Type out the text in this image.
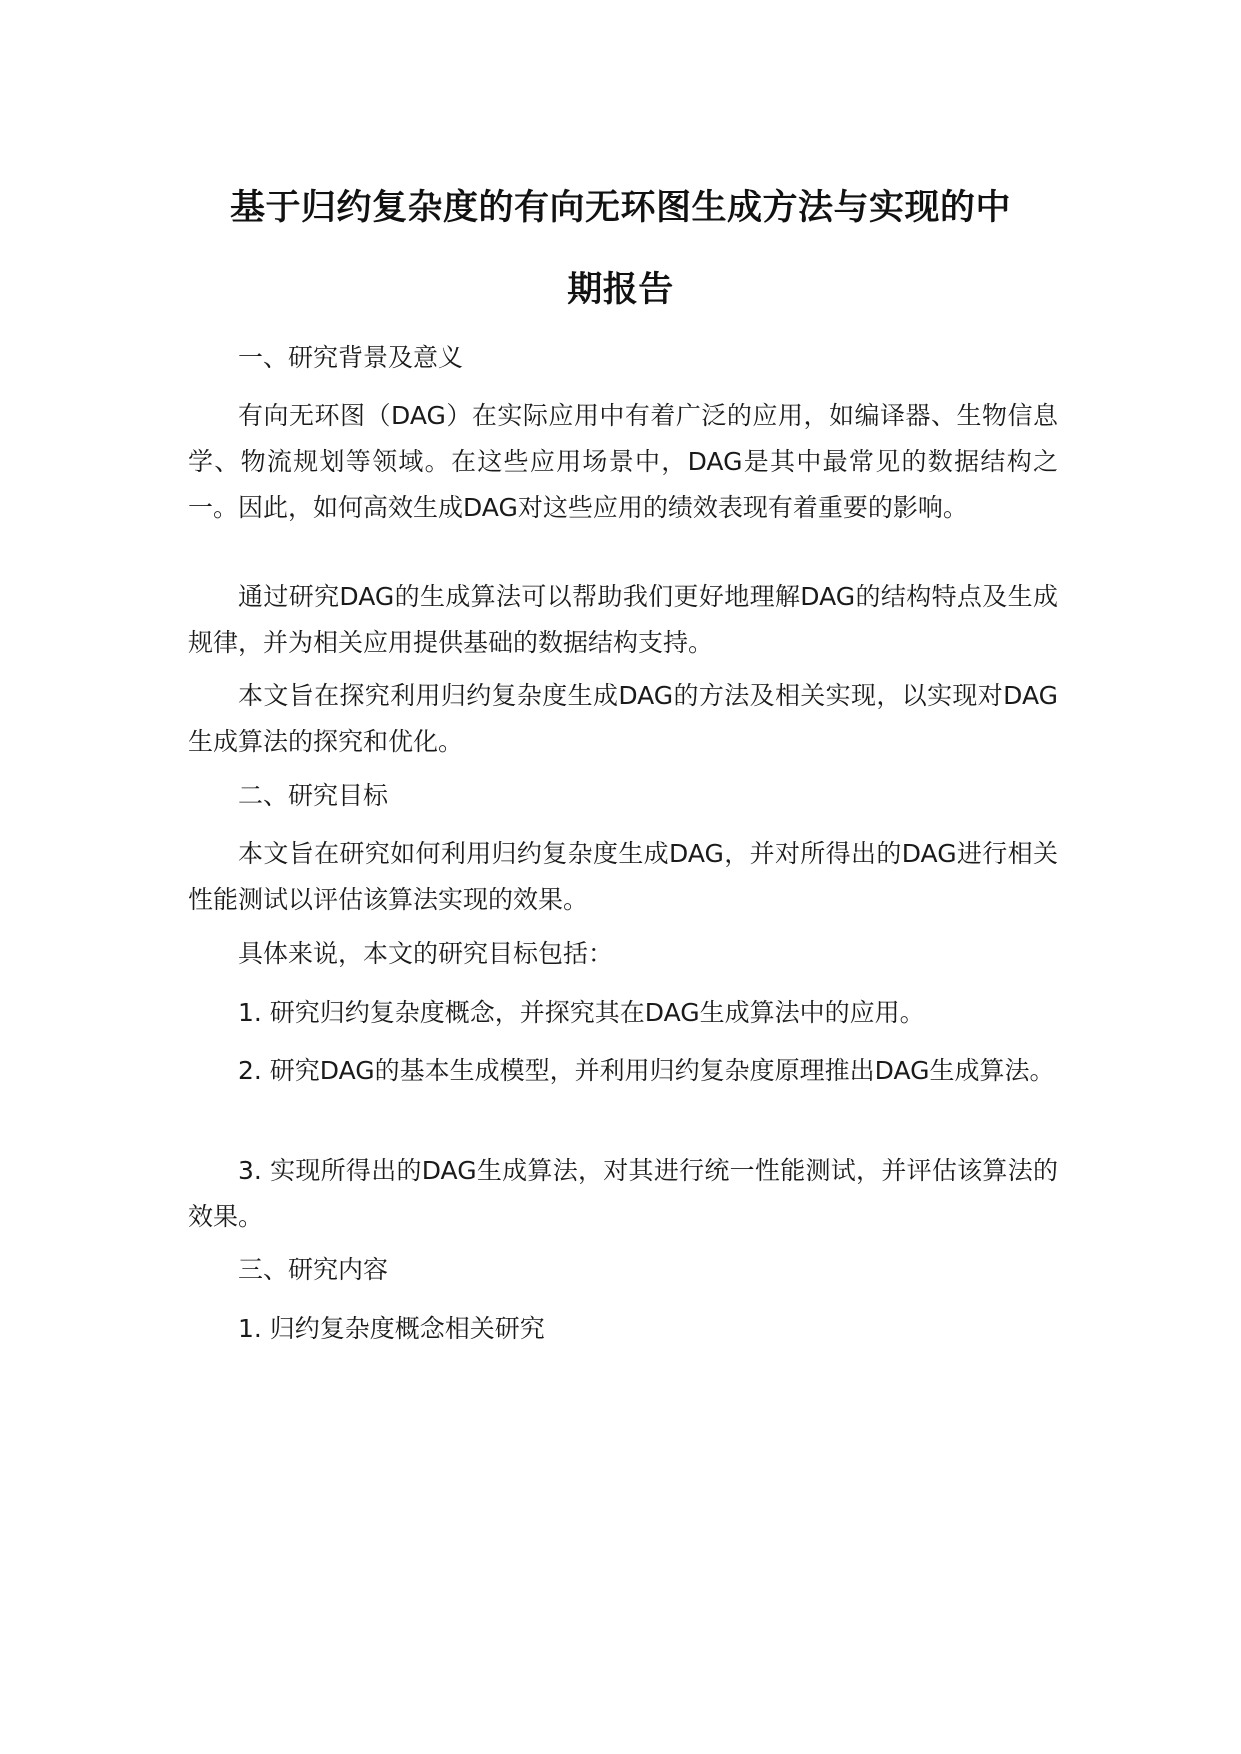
基于归约复杂度的有向无环图生成方法与实现的中
期报告

一、研究背景及意义

有向无环图（DAG）在实际应用中有着广泛的应用，如编译器、生物信息学、物流规划等领域。在这些应用场景中，DAG是其中最常见的数据结构之一。因此，如何高效生成DAG对这些应用的绩效表现有着重要的影响。

通过研究DAG的生成算法可以帮助我们更好地理解DAG的结构特点及生成规律，并为相关应用提供基础的数据结构支持。

本文旨在探究利用归约复杂度生成DAG的方法及相关实现，以实现对DAG生成算法的探究和优化。

二、研究目标

本文旨在研究如何利用归约复杂度生成DAG，并对所得出的DAG进行相关性能测试以评估该算法实现的效果。

具体来说，本文的研究目标包括：

1. 研究归约复杂度概念，并探究其在DAG生成算法中的应用。

2. 研究DAG的基本生成模型，并利用归约复杂度原理推出DAG生成算法。

3. 实现所得出的DAG生成算法，对其进行统一性能测试，并评估该算法的效果。

三、研究内容

1. 归约复杂度概念相关研究
